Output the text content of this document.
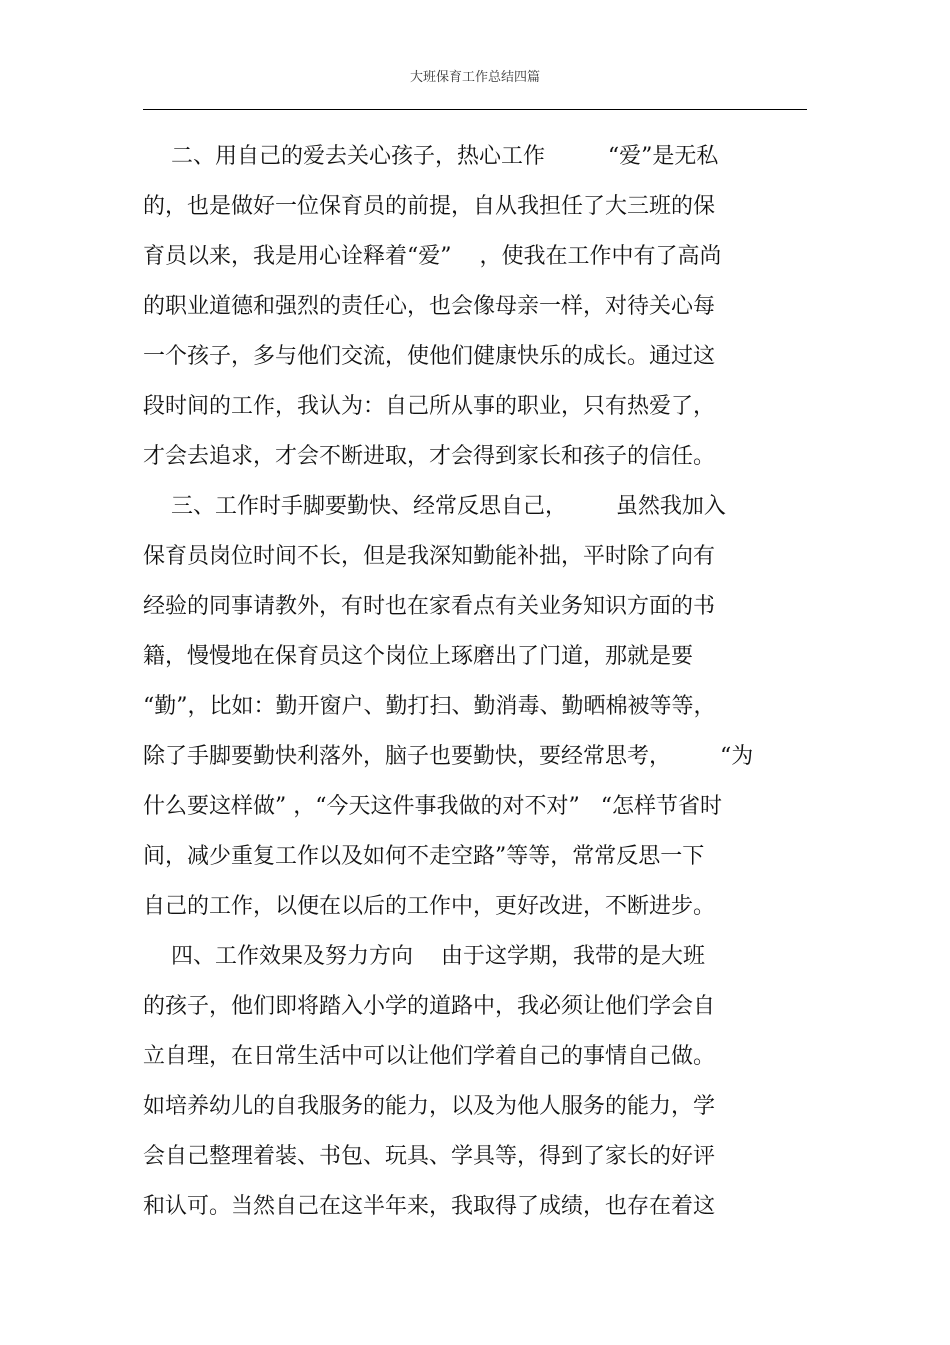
大班保育工作总结四篇
二、用自己的爱去关心孩子，热心工作         “爱”是无私
的，也是做好一位保育员的前提，自从我担任了大三班的保
育员以来，我是用心诠释着“爱”    ，使我在工作中有了高尚
的职业道德和强烈的责任心，也会像母亲一样，对待关心每
一个孩子，多与他们交流，使他们健康快乐的成长。通过这
段时间的工作，我认为：自己所从事的职业，只有热爱了，
才会去追求，才会不断进取，才会得到家长和孩子的信任。
三、工作时手脚要勤快、经常反思自己，       虽然我加入
保育员岗位时间不长，但是我深知勤能补拙，平时除了向有
经验的同事请教外，有时也在家看点有关业务知识方面的书
籍，慢慢地在保育员这个岗位上琢磨出了门道，那就是要
“勤”，比如：勤开窗户、勤打扫、勤消毒、勤晒棉被等等，
除了手脚要勤快利落外，脑子也要勤快，要经常思考，       “为
什么要这样做” ，“今天这件事我做的对不对”   “怎样节省时
间，减少重复工作以及如何不走空路”等等，常常反思一下
自己的工作，以便在以后的工作中，更好改进，不断进步。
四、工作效果及努力方向    由于这学期，我带的是大班
的孩子，他们即将踏入小学的道路中，我必须让他们学会自
立自理，在日常生活中可以让他们学着自己的事情自己做。
如培养幼儿的自我服务的能力，以及为他人服务的能力，学
会自己整理着装、书包、玩具、学具等，得到了家长的好评
和认可。当然自己在这半年来，我取得了成绩，也存在着这
